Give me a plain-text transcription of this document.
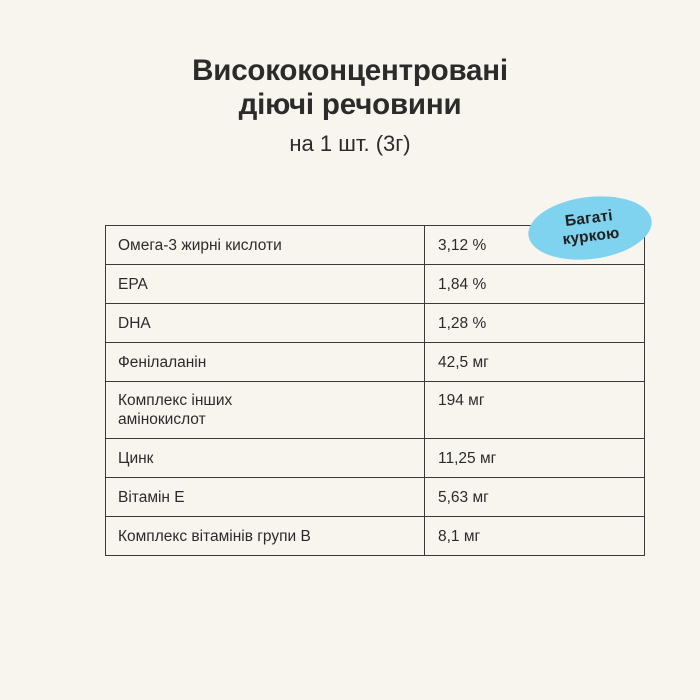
Висококонцентровані
діючі речовини
на 1 шт. (3г)
Багаті
куркою
Омега-3 жирні кислоти	3,12 %
EPA	1,84 %
DHA	1,28 %
Фенілаланін	42,5 мг

Комплекс інших
амінокислот	194 мг
Цинк	11,25 мг
Вітамін Е	5,63 мг
Комплекс вітамінів групи В	8,1 мг
